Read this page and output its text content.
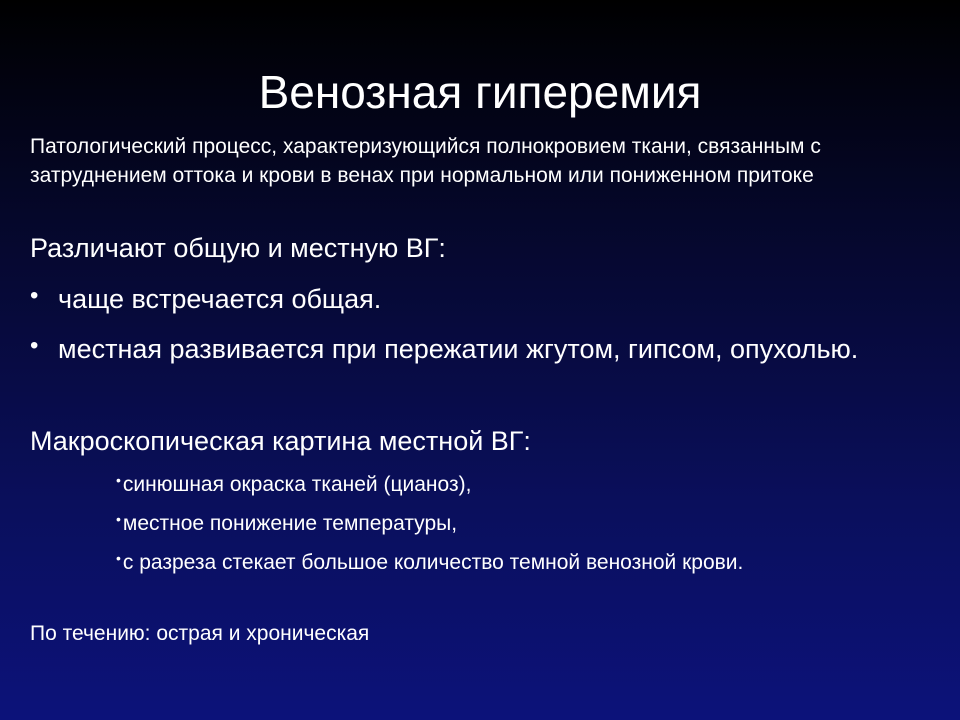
Венозная гиперемия
Патологический процесс, характеризующийся полнокровием ткани, связанным с затруднением оттока и крови в венах при нормальном или пониженном притоке
Различают общую и местную ВГ:
• чаще встречается общая.
• местная развивается при пережатии жгутом, гипсом, опухолью.
Макроскопическая картина местной ВГ:
•синюшная окраска тканей (цианоз),
•местное понижение температуры,
•с разреза стекает большое количество темной венозной крови.
По течению: острая и хроническая
